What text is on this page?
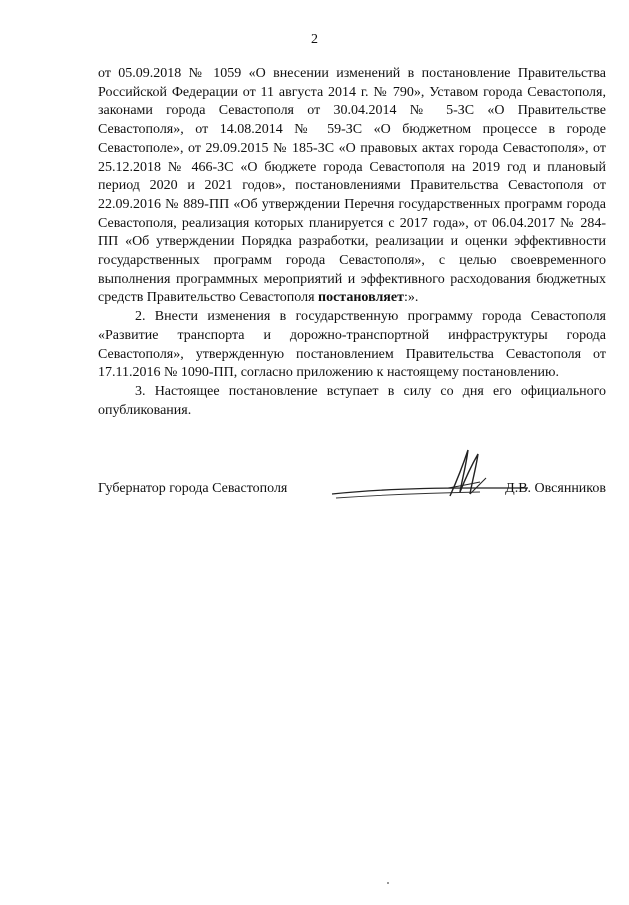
2

от 05.09.2018 № 1059 «О внесении изменений в постановление Правительства Российской Федерации от 11 августа 2014 г. № 790», Уставом города Севастополя, законами города Севастополя от 30.04.2014 № 5-ЗС «О Правительстве Севастополя», от 14.08.2014 № 59-ЗС «О бюджетном процессе в городе Севастополе», от 29.09.2015 № 185-ЗС «О правовых актах города Севастополя», от 25.12.2018 № 466-ЗС «О бюджете города Севастополя на 2019 год и плановый период 2020 и 2021 годов», постановлениями Правительства Севастополя от 22.09.2016 № 889-ПП «Об утверждении Перечня государственных программ города Севастополя, реализация которых планируется с 2017 года», от 06.04.2017 № 284-ПП «Об утверждении Порядка разработки, реализации и оценки эффективности государственных программ города Севастополя», с целью своевременного выполнения программных мероприятий и эффективного расходования бюджетных средств Правительство Севастополя постановляет:».

2. Внести изменения в государственную программу города Севастополя «Развитие транспорта и дорожно-транспортной инфраструктуры города Севастополя», утвержденную постановлением Правительства Севастополя от 17.11.2016 № 1090-ПП, согласно приложению к настоящему постановлению.

3. Настоящее постановление вступает в силу со дня его официального опубликования.

Губернатор города Севастополя	Д.В. Овсянников
